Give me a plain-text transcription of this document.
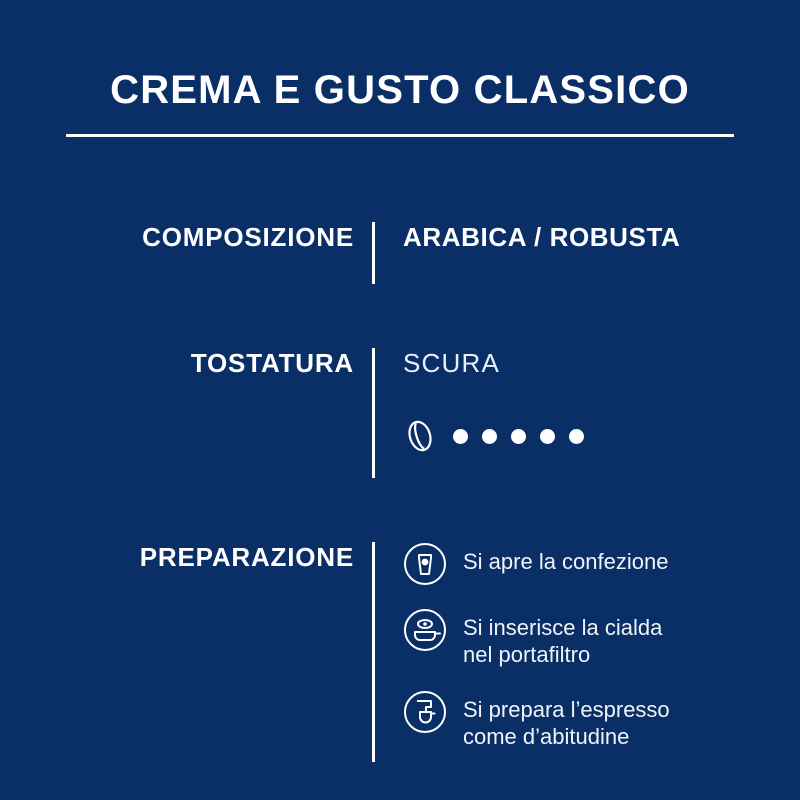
CREMA E GUSTO CLASSICO
COMPOSIZIONE ARABICA / ROBUSTA
TOSTATURA SCURA
PREPARAZIONE	Si apre la confezione
Si inserisce la cialda
nel portafiltro
Si prepara l’espresso
come d’abitudine
